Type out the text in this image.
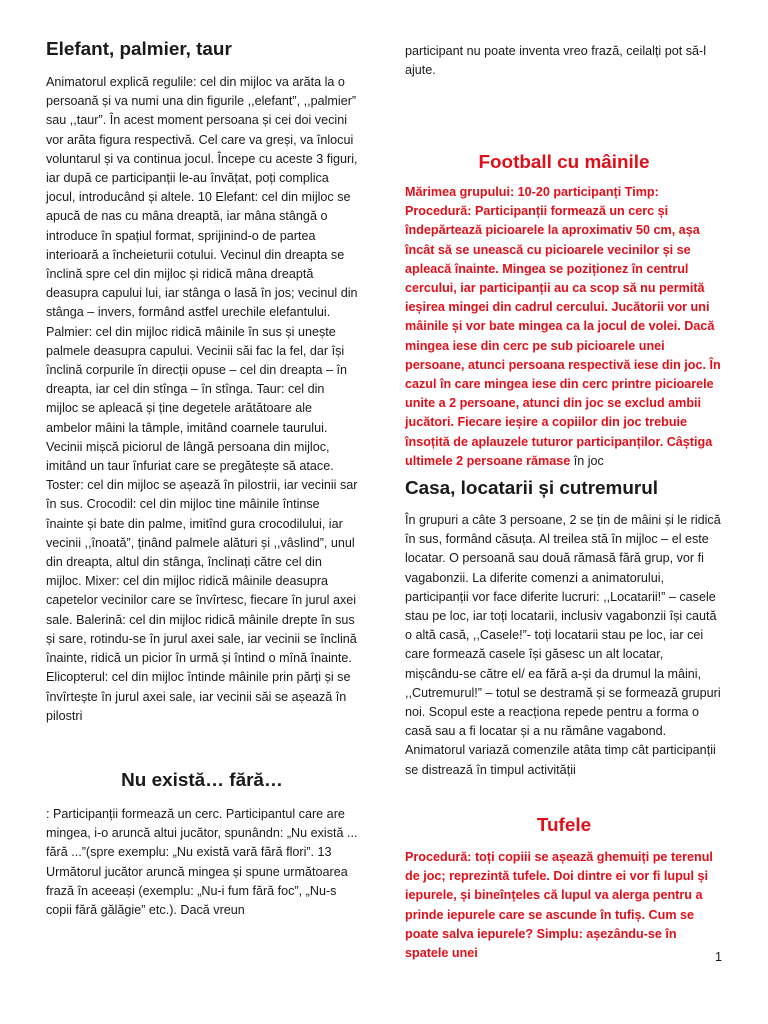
Elefant, palmier, taur

Animatorul explică regulile: cel din mijloc va arăta la o persoană și va numi una din figurile ,,elefant”, ,,palmier” sau ,,taur”. În acest moment persoana și cei doi vecini vor arăta figura respectivă. Cel care va greși, va înlocui voluntarul și va continua jocul. Începe cu aceste 3 figuri, iar după ce participanții le-au învățat, poți complica jocul, introducând și altele. 10 Elefant: cel din mijloc se apucă de nas cu mâna dreaptă, iar mâna stângă o introduce în spațiul format, sprijinind-o de partea interioară a încheieturii cotului. Vecinul din dreapta se înclină spre cel din mijloc și ridică mâna dreaptă deasupra capului lui, iar stânga o lasă în jos; vecinul din stânga – invers, formând astfel urechile elefantului. Palmier: cel din mijloc ridică mâinile în sus și unește palmele deasupra capului. Vecinii săi fac la fel, dar își înclină corpurile în direcții opuse – cel din dreapta – în dreapta, iar cel din stînga – în stînga. Taur: cel din mijloc se apleacă și ține degetele arătătoare ale ambelor mâini la tâmple, imitând coarnele taurului. Vecinii mișcă piciorul de lângă persoana din mijloc, imitând un taur înfuriat care se pregătește să atace. Toster: cel din mijloc se așează în pilostrii, iar vecinii sar în sus. Crocodil: cel din mijloc tine mâinile întinse înainte și bate din palme, imitînd gura crocodilului, iar vecinii ,,înoată”, ținând palmele alături și ,,vâslind”, unul din dreapta, altul din stânga, înclinați către cel din mijloc. Mixer: cel din mijloc ridică mâinile deasupra capetelor vecinilor care se învîrtesc, fiecare în jurul axei sale. Balerină: cel din mijloc ridică mâinile drepte în sus și sare, rotindu-se în jurul axei sale, iar vecinii se înclină înainte, ridică un picior în urmă și întind o mînă înainte. Elicopterul: cel din mijloc întinde mâinile prin părți și se învîrtește în jurul axei sale, iar vecinii săi se așează în pilostri

Nu există… fără…

: Participanții formează un cerc. Participantul care are mingea, i-o aruncă altui jucător, spunândn: „Nu există ... fără ...”(spre exemplu: „Nu există vară fără flori”. 13 Următorul jucător aruncă mingea și spune următoarea frază în aceeași (exemplu: „Nu-i fum fără foc”, „Nu-s copii fără gălăgie” etc.). Dacă vreun

participant nu poate inventa vreo frază, ceilalți pot să-l ajute.

Football cu mâinile

Mărimea grupului: 10-20 participanți Timp: Procedură: Participanții formează un cerc și îndepărtează picioarele la aproximativ 50 cm, așa încât să se unească cu picioarele vecinilor și se apleacă înainte. Mingea se poziționez în centrul cercului, iar participanții au ca scop să nu permită ieșirea mingei din cadrul cercului. Jucătorii vor uni mâinile și vor bate mingea ca la jocul de volei. Dacă mingea iese din cerc pe sub picioarele unei persoane, atunci persoana respectivă iese din joc. În cazul în care mingea iese din cerc printre picioarele unite a 2 persoane, atunci din joc se exclud ambii jucători. Fiecare ieșire a copiilor din joc trebuie însoțită de aplauzele tuturor participanților. Câștiga ultimele 2 persoane rămase în joc

Casa, locatarii și cutremurul

În grupuri a câte 3 persoane, 2 se țin de mâini și le ridică în sus, formând căsuța. Al treilea stă în mijloc – el este locatar. O persoană sau două rămasă fără grup, vor fi vagabonzii. La diferite comenzi a animatorului, participanții vor face diferite lucruri: ,,Locatarii!” – casele stau pe loc, iar toți locatarii, inclusiv vagabonzii își caută o altă casă, ,,Casele!”- toți locatarii stau pe loc, iar cei care formează casele își găsesc un alt locatar, mișcându-se către el/ ea fără a-și da drumul la mâini, ,,Cutremurul!” – totul se destramă și se formează grupuri noi. Scopul este a reacționa repede pentru a forma o casă sau a fi locatar și a nu rămâne vagabond. Animatorul variază comenzile atâta timp cât participanții se distrează în timpul activității

Tufele

Procedură: toți copiii se așează ghemuiți pe terenul de joc; reprezintă tufele. Doi dintre ei vor fi lupul și iepurele, și bineînțeles că lupul va alerga pentru a prinde iepurele care se ascunde în tufiș. Cum se poate salva iepurele? Simplu: așezându-se în spatele unei	1
